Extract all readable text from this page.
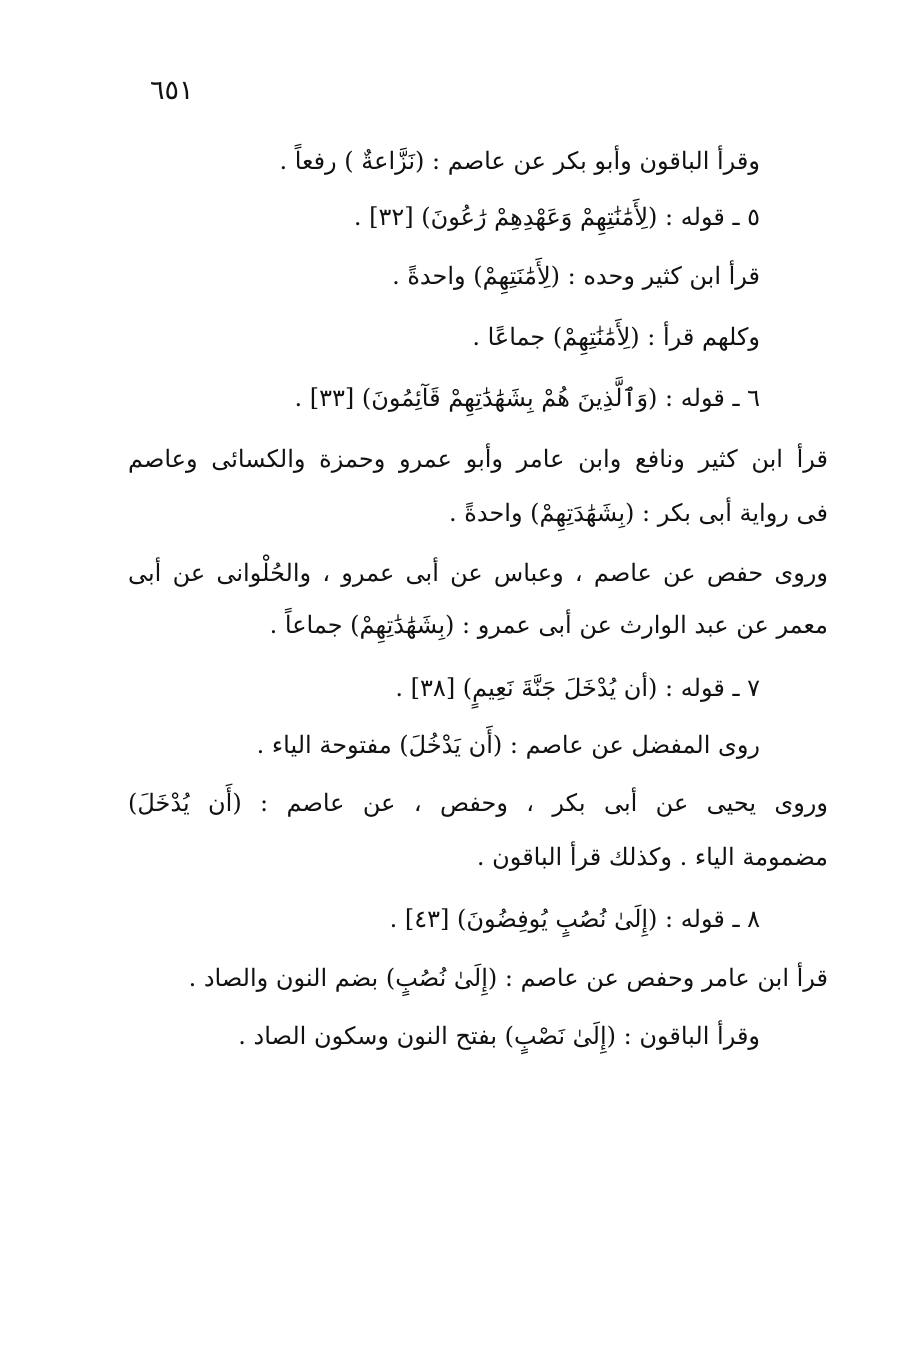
٦٥١
وقرأ الباقون وأبو بكر عن عاصم : (نَزَّاعةٌ ) رفعاً .
٥ ـ قوله : (لِأَمَٰنَٰتِهِمْ وَعَهْدِهِمْ رَٰعُونَ) [٣٢] .
قرأ ابن كثير وحده : (لِأَمَٰنَتِهِمْ) واحدةً .
وكلهم قرأ : (لِأَمَٰنَٰتِهِمْ) جماعًا .
٦ ـ قوله : (وَٱلَّذِينَ هُمْ بِشَهَٰدَٰتِهِمْ قَآئِمُونَ) [٣٣] .
قرأ ابن كثير ونافع وابن عامر وأبو عمرو وحمزة والكسائى وعاصم
فى رواية أبى بكر : (بِشَهَٰدَتِهِمْ) واحدةً .
وروى حفص عن عاصم ، وعباس عن أبى عمرو ، والحُلْوانى عن أبى
معمر عن عبد الوارث عن أبى عمرو : (بِشَهَٰدَٰتِهِمْ) جماعاً .
٧ ـ قوله : (أن يُدْخَلَ جَنَّةَ نَعِيمٍ) [٣٨] .
روى المفضل عن عاصم : (أَن يَدْخُلَ) مفتوحة الياء .
وروى يحيى عن أبى بكر ، وحفص ، عن عاصم : (أَن يُدْخَلَ)
مضمومة الياء . وكذلك قرأ الباقون .
٨ ـ قوله : (إِلَىٰ نُصُبٍ يُوفِضُونَ) [٤٣] .
قرأ ابن عامر وحفص عن عاصم : (إِلَىٰ نُصُبٍ) بضم النون والصاد .
وقرأ الباقون : (إِلَىٰ نَصْبٍ) بفتح النون وسكون الصاد .
